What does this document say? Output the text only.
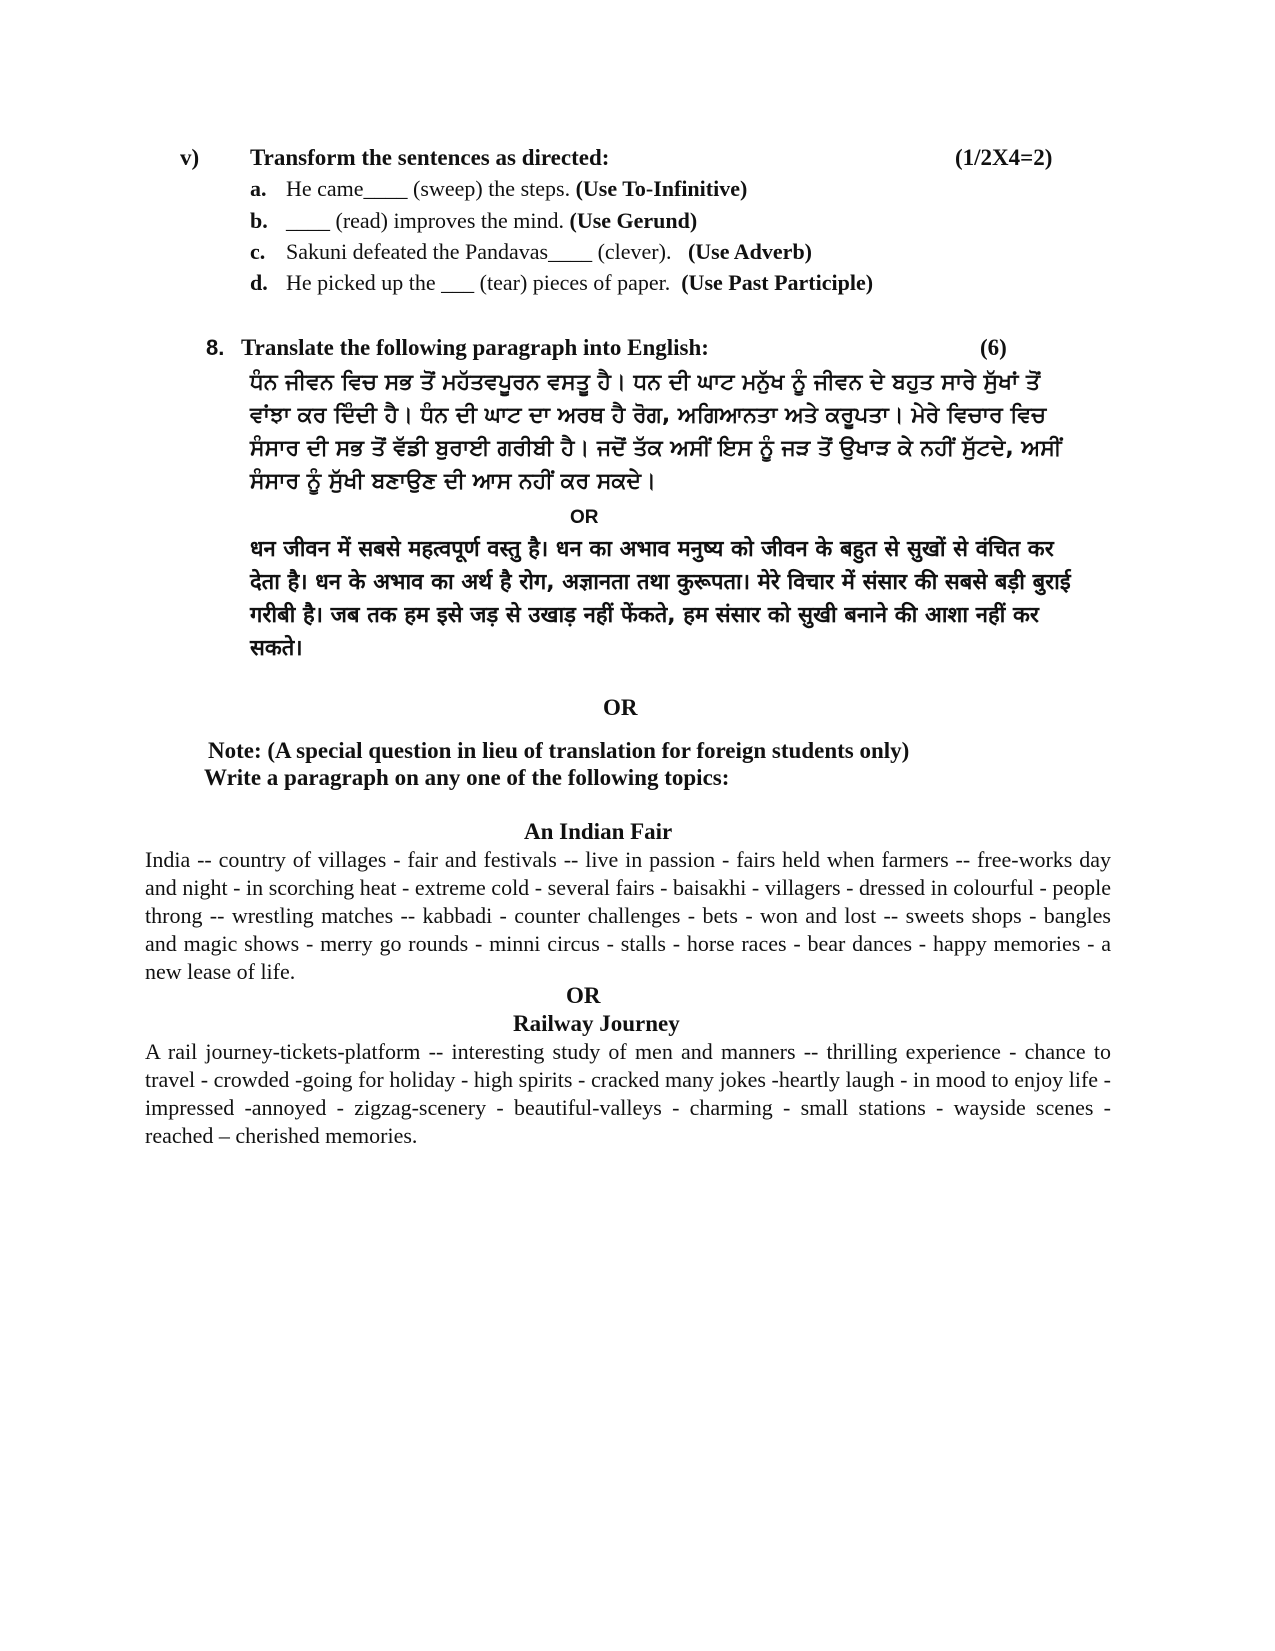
v) Transform the sentences as directed:	(1/2X4=2)
a. He came____ (sweep) the steps. (Use To-Infinitive)
b. ____ (read) improves the mind. (Use Gerund)
c. Sakuni defeated the Pandavas____ (clever).   (Use Adverb)
d. He picked up the ___ (tear) pieces of paper.  (Use Past Participle)
8. Translate the following paragraph into English:	(6)
ਧੰਨ ਜੀਵਨ ਵਿਚ ਸਭ ਤੋਂ ਮਹੱਤਵਪੂਰਨ ਵਸਤੂ ਹੈ। ਧਨ ਦੀ ਘਾਟ ਮਨੁੱਖ ਨੂੰ ਜੀਵਨ ਦੇ ਬਹੁਤ ਸਾਰੇ ਸੁੱਖਾਂ ਤੋਂ ਵਾਂਝਾ ਕਰ ਦਿੰਦੀ ਹੈ। ਧੰਨ ਦੀ ਘਾਟ ਦਾ ਅਰਥ ਹੈ ਰੋਗ, ਅਗਿਆਨਤਾ ਅਤੇ ਕਰੂਪਤਾ। ਮੇਰੇ ਵਿਚਾਰ ਵਿਚ ਸੰਸਾਰ ਦੀ ਸਭ ਤੋਂ ਵੱਡੀ ਬੁਰਾਈ ਗਰੀਬੀ ਹੈ। ਜਦੋਂ ਤੱਕ ਅਸੀਂ ਇਸ ਨੂੰ ਜੜ ਤੋਂ ਉਖਾੜ ਕੇ ਨਹੀਂ ਸੁੱਟਦੇ, ਅਸੀਂ ਸੰਸਾਰ ਨੂੰ ਸੁੱਖੀ ਬਣਾਉਣ ਦੀ ਆਸ ਨਹੀਂ ਕਰ ਸਕਦੇ।
OR
धन जीवन में सबसे महत्वपूर्ण वस्तु है। धन का अभाव मनुष्य को जीवन के बहुत से सुखों से वंचित कर देता है। धन के अभाव का अर्थ है रोग, अज्ञानता तथा कुरूपता। मेरे विचार में संसार की सबसे बड़ी बुराई गरीबी है। जब तक हम इसे जड़ से उखाड़ नहीं फेंकते, हम संसार को सुखी बनाने की आशा नहीं कर सकते।
OR
Note: (A special question in lieu of translation for foreign students only)
Write a paragraph on any one of the following topics:
An Indian Fair
India -- country of villages - fair and festivals -- live in passion - fairs held when farmers -- free-works day and night - in scorching heat - extreme cold - several fairs - baisakhi - villagers - dressed in colourful - people throng -- wrestling matches -- kabbadi - counter challenges - bets - won and lost -- sweets shops - bangles and magic shows - merry go rounds - minni circus - stalls - horse races - bear dances - happy memories - a new lease of life.
OR
Railway Journey
A rail journey-tickets-platform -- interesting study of men and manners -- thrilling experience - chance to travel - crowded -going for holiday - high spirits - cracked many jokes -heartly laugh - in mood to enjoy life - impressed -annoyed - zigzag-scenery - beautiful-valleys - charming - small stations - wayside scenes - reached – cherished memories.
